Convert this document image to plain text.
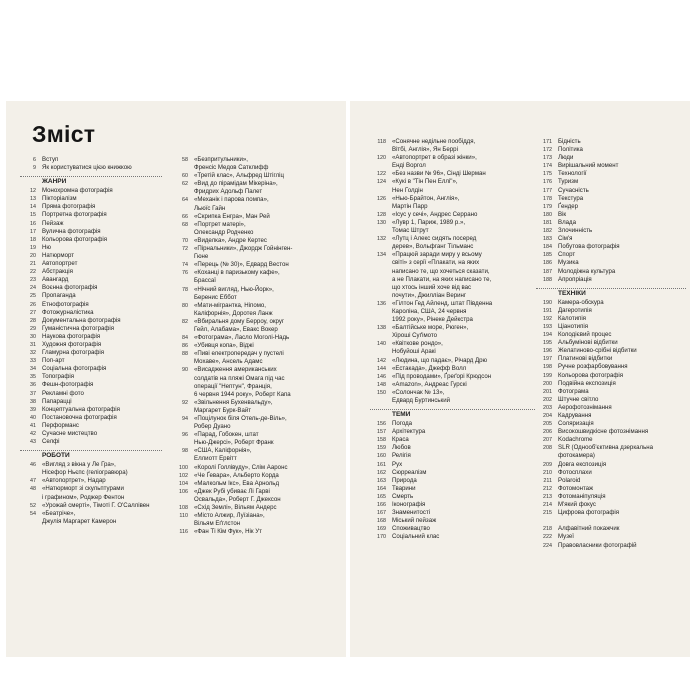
Зміст
6 Вступ
9 Як користуватися цією книжкою
ЖАНРИ
12 Монохромна фотографія
13 Пікторіалізм
14 Пряма фотографія
15 Портретна фотографія
16 Пейзаж
17 Вулична фотографія
18 Кольорова фотографія
19 Ню
20 Натюрморт
21 Автопортрет
22 Абстракція
23 Авангард
24 Воєнна фотографія
25 Пропаганда
26 Етнофотографія
27 Фотожурналістика
28 Документальна фотографія
29 Гуманістична фотографія
30 Наукова фотографія
31 Художня фотографія
32 Гламурна фотографія
33 Поп-арт
34 Соціальна фотографія
35 Топографія
36 Фешн-фотографія
37 Рекламні фото
38 Папарацці
39 Концептуальна фотографія
40 Постановочна фотографія
41 Перформанс
42 Сучасне мистецтво
43 Селфі
РОБОТИ
46 «Вигляд з вікна у Ле Гра»,
Нісефор Ньєпс (геліогравюра)
47 «Автопортрет», Надар
48 «Натюрморт зі скульптурами
і графином», Роджер Фентон
52 «Урожай смерті», Тімоті Г. О'Саллівен
54 «Беатріче»,
Джулія Маргарет Камерон
58 «Безпритульники»,
Френсіс Медов Сатклифф
60 «Третій клас», Альфред Штігліц
62 «Вид до пірамідам Мікеріна»,
Фридрих Адольф Палет
64 «Механік і парова помпа»,
Льюїс Гайн
66 «Скрипка Енгра», Ман Рей
68 «Портрет матері»,
Олександр Родченко
70 «Виделка», Андре Кертес
72 «Пірнальники», Джордж Гойнінген-
Гюне
74 «Перець (№ 30)», Едвард Вестон
76 «Коханці в паризькому кафе»,
Брассаї
78 «Нічний вигляд, Нью-Йорк»,
Беренис Еббот
80 «Мати-мігрантка, Ніпомо,
Каліфорнія», Доротея Ланж
82 «Вбиральня дому Берроу, округ
Гейл, Алабама», Евакс Вокер
84 «Фотограма», Ласло Моголі-Надь
86 «Убивця копа», Віджі
88 «Пиві електропередач у пустелі
Мохаве», Ансель Адамс
90 «Висадження американських
солдатів на пляжі Омага під час
операції "Нептун", Франція,
6 червня 1944 року», Роберт Капа
92 «Звільнення Бухенвальду»,
Маргарет Бурк-Вайт
94 «Поцілунок біля Отель-де-Віль»,
Робер Дуано
96 «Парад, Гобокен, штат
Нью-Джерсі», Роберт Франк
98 «США, Каліфорнія»,
Еллиотт Ервітт
100 «Королі Голлівуду», Слім Ааронс
102 «Че Ґевара», Альберто Корда
104 «Малкольм Ікс», Ева Арнольд
106 «Джек Рубі убиває Лі Гарві
Освальда», Роберт Г. Джексон
108 «Схід Землі», Вільям Андерс
110 «Місто Алжир, Луїзіана»,
Вільям Еґглстон
116 «Фан Ті Кім Фук», Нік Ут
118 «Сонячне недільне пообіддя,
Вітбі, Англія», Ян Беррі
120 «Автопортрет в образі жінки»,
Енді Воргол
122 «Без назви № 96», Сінді Шерман
124 «Кукі в "Тін Пен Еллі"»,
Нен Голдін
126 «Нью-Брайтон, Англія»,
Мартін Парр
128 «Ісус у сечі», Андрес Серрано
130 «Лувр 1, Париж, 1989 р.»,
Томас Штрут
132 «Лутц і Алекс сидять посеред
дерев», Вольфганг Тільманс
134 «Працюй заради миру у всьому
світі» з серії «Плакати, на яких
написано те, що хочеться сказати,
а не Плакати, на яких написано те,
що хтось інший хоче від вас
почути», Джилліан Веринг
136 «Гілтон Гед Айленд, штат Південна
Кароліна, США, 24 червня
1992 року», Рінеке Дейкстра
138 «Балтійське море, Рюген»,
Хіроші Суґімото
140 «Квіткове рондо»,
Нобуйоші Аракі
142 «Людина, що падає», Річард Дрю
144 «Естакада», Джефф Волл
146 «Під проводами», Ґреґорі Крюдсон
148 «Amazon», Андреас Гурскі
150 «Солончак № 13»,
Едвард Буртинський
ТЕМИ
156 Погода
157 Архітектура
158 Краса
159 Любов
160 Релігія
161 Рух
162 Сюрреалізм
163 Природа
164 Тварини
165 Смерть
166 Іконографія
167 Знаменитості
168 Міський пейзаж
169 Споживацтво
170 Соціальний клас
171 Бідність
172 Політика
173 Люди
174 Вирішальний момент
175 Технології
176 Туризм
177 Сучасність
178 Текстура
179 Ґендер
180 Вік
181 Влада
182 Злочинність
183 Сім'я
184 Побутова фотографія
185 Спорт
186 Музика
187 Молодіжна культура
188 Апропріація
ТЕХНІКИ
190 Камера-обскура
191 Дагеротипія
192 Калотипія
193 Ціанотипія
194 Колодієвий процес
195 Альбумінові відбитки
196 Желатиново-срібні відбитки
197 Платинові відбитки
198 Ручне розфарбовування
199 Кольорова фотографія
200 Подвійна експозиція
201 Фотограма
202 Штучне світло
203 Аерофотознімання
204 Кадрування
205 Соляризація
206 Високошвидкісне фотознімання
207 Kodachrome
208 SLR (Однооб'єктивна дзеркальна
фотокамера)
209 Довга експозиція
210 Фотосплахи
211 Polaroid
212 Фотомонтаж
213 Фотоманіпуляція
214 М'який фокус
215 Цифрова фотографія
218 Алфавітний покажчик
222 Музеї
224 Правовласники фотографій
